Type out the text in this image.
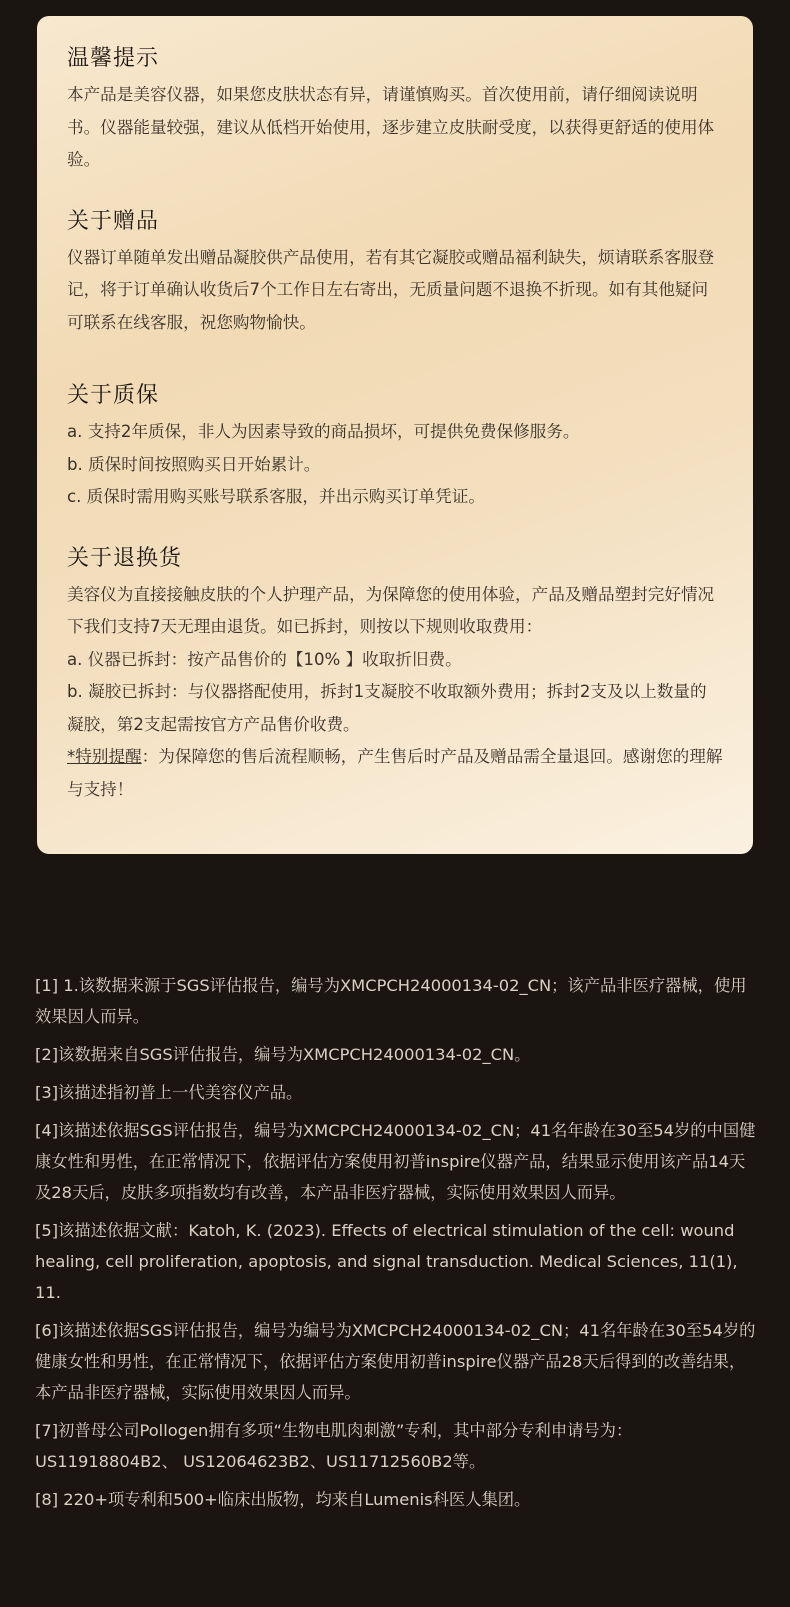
温馨提示

本产品是美容仪器，如果您皮肤状态有异，请谨慎购买。首次使用前，请仔细阅读说明书。仪器能量较强，建议从低档开始使用，逐步建立皮肤耐受度，以获得更舒适的使用体验。

关于赠品

仪器订单随单发出赠品凝胶供产品使用，若有其它凝胶或赠品福利缺失，烦请联系客服登记，将于订单确认收货后7个工作日左右寄出，无质量问题不退换不折现。如有其他疑问可联系在线客服，祝您购物愉快。

关于质保

a. 支持2年质保，非人为因素导致的商品损坏，可提供免费保修服务。

b. 质保时间按照购买日开始累计。

c. 质保时需用购买账号联系客服，并出示购买订单凭证。

关于退换货

美容仪为直接接触皮肤的个人护理产品，为保障您的使用体验，产品及赠品塑封完好情况下我们支持7天无理由退货。如已拆封，则按以下规则收取费用：

a. 仪器已拆封：按产品售价的【10% 】收取折旧费。

b. 凝胶已拆封：与仪器搭配使用，拆封1支凝胶不收取额外费用；拆封2支及以上数量的凝胶，第2支起需按官方产品售价收费。

*特别提醒：为保障您的售后流程顺畅，产生售后时产品及赠品需全量退回。感谢您的理解与支持！

[1] 1.该数据来源于SGS评估报告，编号为XMCPCH24000134-02_CN；该产品非医疗器械，使用效果因人而异。

[2]该数据来自SGS评估报告，编号为XMCPCH24000134-02_CN。

[3]该描述指初普上一代美容仪产品。

[4]该描述依据SGS评估报告，编号为XMCPCH24000134-02_CN；41名年龄在30至54岁的中国健康女性和男性，在正常情况下，依据评估方案使用初普inspire仪器产品，结果显示使用该产品14天及28天后，皮肤多项指数均有改善，本产品非医疗器械，实际使用效果因人而异。

[5]该描述依据文献：Katoh, K. (2023). Effects of electrical stimulation of the cell: wound healing, cell proliferation, apoptosis, and signal transduction. Medical Sciences, 11(1), 11.

[6]该描述依据SGS评估报告，编号为编号为XMCPCH24000134-02_CN；41名年龄在30至54岁的健康女性和男性，在正常情况下，依据评估方案使用初普inspire仪器产品28天后得到的改善结果，本产品非医疗器械，实际使用效果因人而异。

[7]初普母公司Pollogen拥有多项“生物电肌肉刺激”专利，其中部分专利申请号为：US11918804B2、 US12064623B2、US11712560B2等。

[8] 220+项专利和500+临床出版物，均来自Lumenis科医人集团。
